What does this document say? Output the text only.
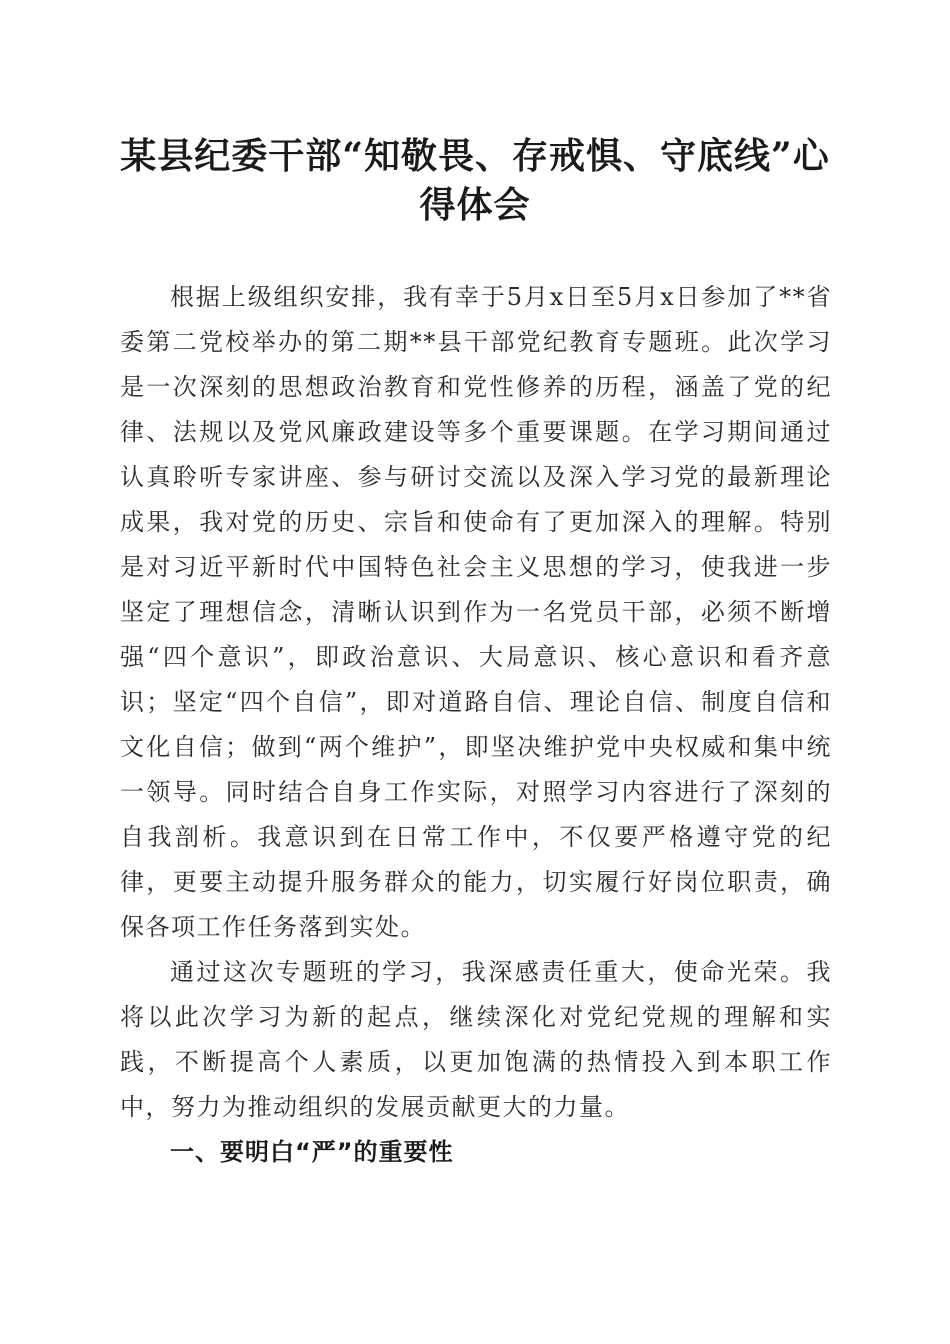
某县纪委干部“知敬畏、存戒惧、守底线”心
得体会

根据上级组织安排，我有幸于5月x日至5月x日参加了**省委第二党校举办的第二期**县干部党纪教育专题班。此次学习是一次深刻的思想政治教育和党性修养的历程，涵盖了党的纪律、法规以及党风廉政建设等多个重要课题。在学习期间通过认真聆听专家讲座、参与研讨交流以及深入学习党的最新理论成果，我对党的历史、宗旨和使命有了更加深入的理解。特别是对习近平新时代中国特色社会主义思想的学习，使我进一步坚定了理想信念，清晰认识到作为一名党员干部，必须不断增强“四个意识”，即政治意识、大局意识、核心意识和看齐意识；坚定“四个自信”，即对道路自信、理论自信、制度自信和文化自信；做到“两个维护”，即坚决维护党中央权威和集中统一领导。同时结合自身工作实际，对照学习内容进行了深刻的自我剖析。我意识到在日常工作中，不仅要严格遵守党的纪律，更要主动提升服务群众的能力，切实履行好岗位职责，确保各项工作任务落到实处。

通过这次专题班的学习，我深感责任重大，使命光荣。我将以此次学习为新的起点，继续深化对党纪党规的理解和实践，不断提高个人素质，以更加饱满的热情投入到本职工作中，努力为推动组织的发展贡献更大的力量。

一、要明白“严”的重要性
